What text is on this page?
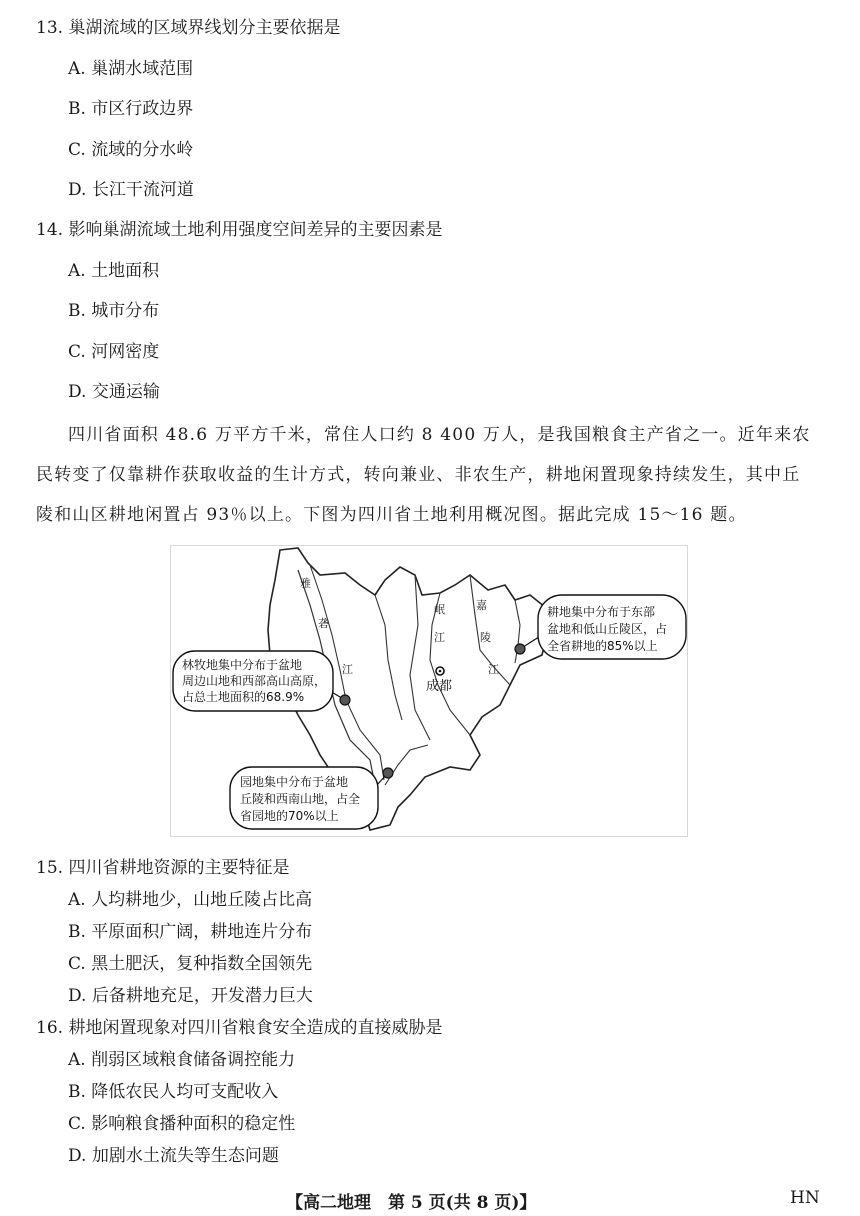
13. 巢湖流域的区域界线划分主要依据是
A. 巢湖水域范围
B. 市区行政边界
C. 流域的分水岭
D. 长江干流河道
14. 影响巢湖流域土地利用强度空间差异的主要因素是
A. 土地面积
B. 城市分布
C. 河网密度
D. 交通运输
四川省面积 48.6 万平方千米，常住人口约 8 400 万人，是我国粮食主产省之一。近年来农
民转变了仅靠耕作获取收益的生计方式，转向兼业、非农生产，耕地闲置现象持续发生，其中丘
陵和山区耕地闲置占 93％以上。下图为四川省土地利用概况图。据此完成 15～16 题。
雅
砻
江
岷
江
嘉
陵
江
成都
林牧地集中分布于盆地
周边山地和西部高山高原，
占总土地面积的68.9%
耕地集中分布于东部
盆地和低山丘陵区，占
全省耕地的85%以上
园地集中分布于盆地
丘陵和西南山地，占全
省园地的70%以上
15. 四川省耕地资源的主要特征是
A. 人均耕地少，山地丘陵占比高
B. 平原面积广阔，耕地连片分布
C. 黑土肥沃，复种指数全国领先
D. 后备耕地充足，开发潜力巨大
16. 耕地闲置现象对四川省粮食安全造成的直接威胁是
A. 削弱区域粮食储备调控能力
B. 降低农民人均可支配收入
C. 影响粮食播种面积的稳定性
D. 加剧水土流失等生态问题
【高二地理　第 5 页(共 8 页)】	HN
